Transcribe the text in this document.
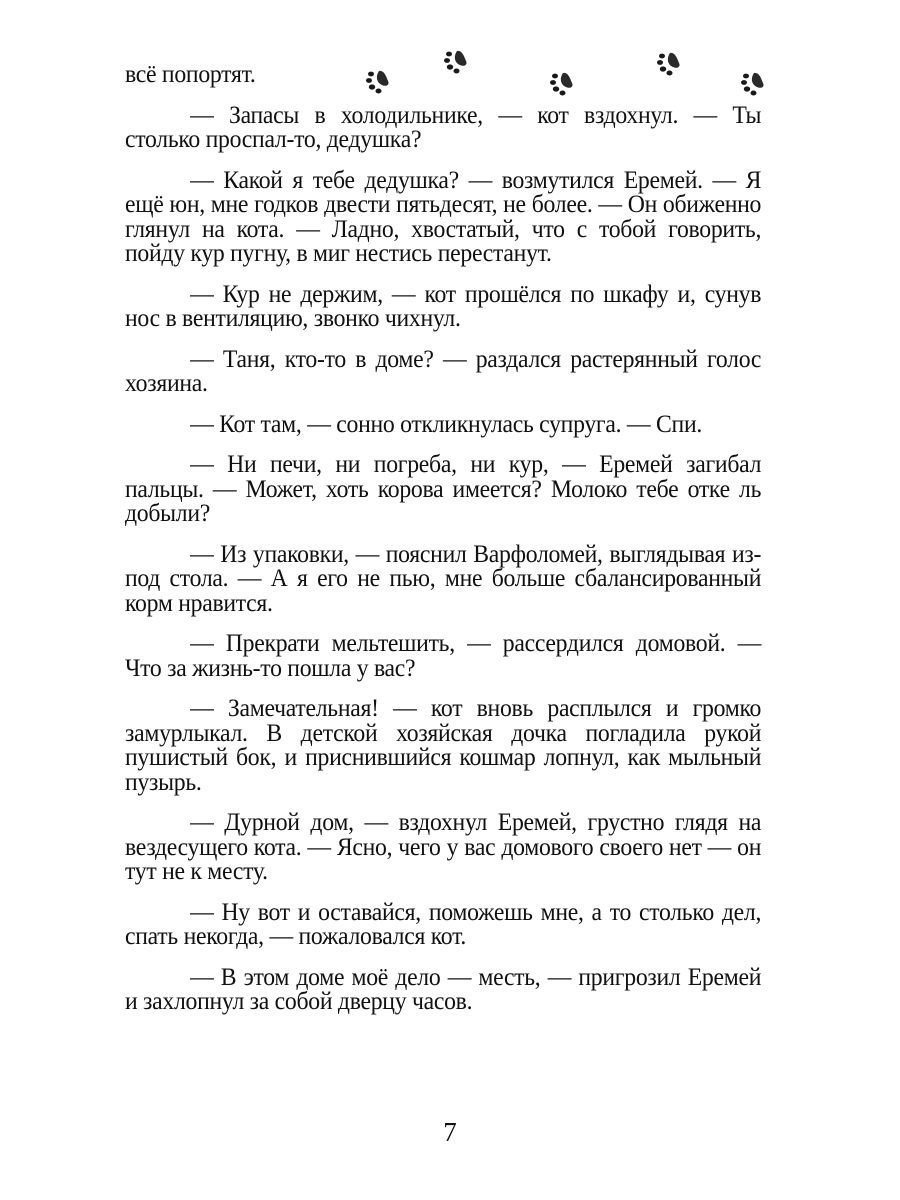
всё попортят.

— Запасы в холодильнике, — кот вздохнул. — Ты столько проспал-то, дедушка?

— Какой я тебе дедушка? — возмутился Еремей. — Я ещё юн, мне годков двести пятьдесят, не более. — Он обиженно глянул на кота. — Ладно, хвостатый, что с тобой говорить, пойду кур пугну, в миг нестись перестанут.

— Кур не держим, — кот прошёлся по шкафу и, сунув нос в вентиляцию, звонко чихнул.

— Таня, кто-то в доме? — раздался растерянный голос хозяина.

— Кот там, — сонно откликнулась супруга. — Спи.

— Ни печи, ни погреба, ни кур, — Еремей загибал пальцы. — Может, хоть корова имеется? Молоко тебе отке ль добыли?

— Из упаковки, — пояснил Варфоломей, выглядывая из-под стола. — А я его не пью, мне больше сбалансированный корм нравится.

— Прекрати мельтешить, — рассердился домовой. — Что за жизнь-то пошла у вас?

— Замечательная! — кот вновь расплылся и громко замурлыкал. В детской хозяйская дочка погладила рукой пушистый бок, и приснившийся кошмар лопнул, как мыльный пузырь.

— Дурной дом, — вздохнул Еремей, грустно глядя на вездесущего кота. — Ясно, чего у вас домового своего нет — он тут не к месту.

— Ну вот и оставайся, поможешь мне, а то столько дел, спать некогда, — пожаловался кот.

— В этом доме моё дело — месть, — пригрозил Еремей и захлопнул за собой дверцу часов.

7
